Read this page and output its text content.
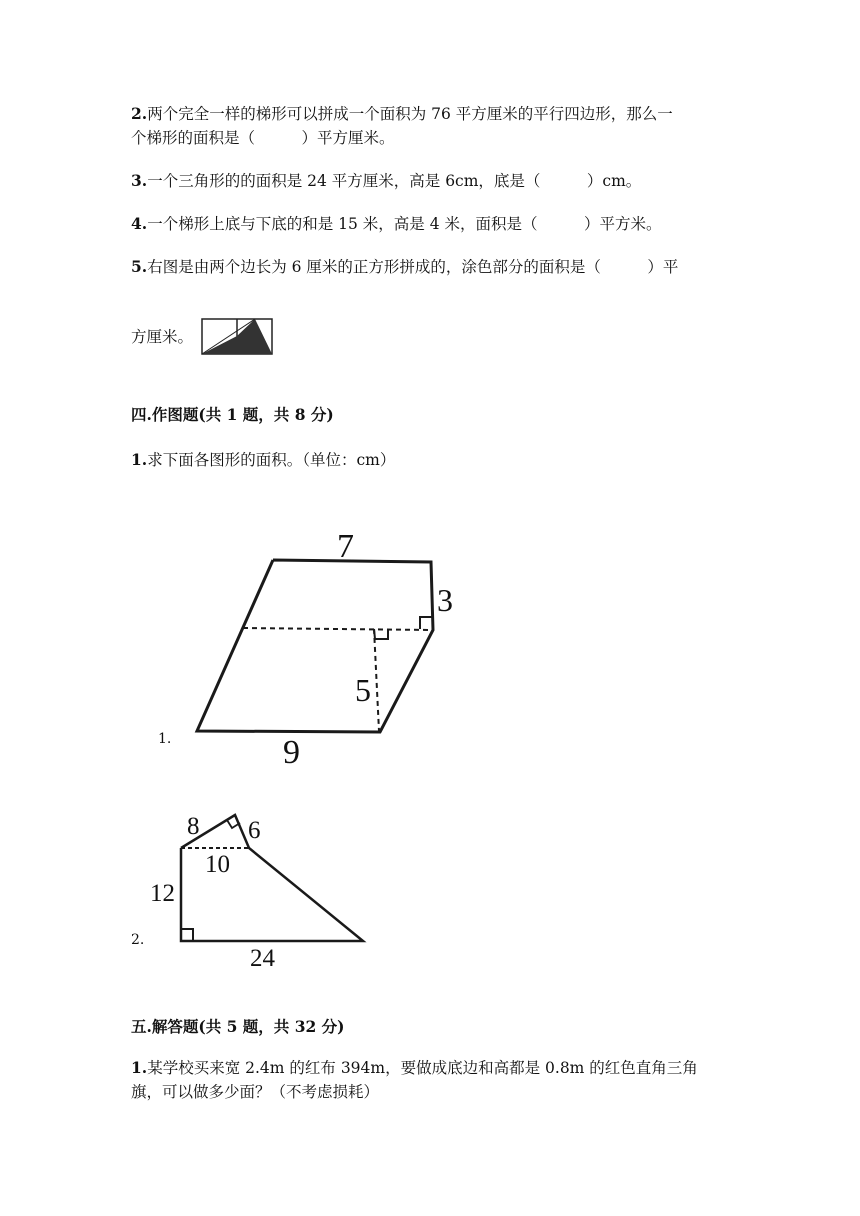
2.两个完全一样的梯形可以拼成一个面积为 76 平方厘米的平行四边形，那么一
个梯形的面积是（　　　）平方厘米。
3.一个三角形的的面积是 24 平方厘米，高是 6cm，底是（　　　）cm。
4.一个梯形上底与下底的和是 15 米，高是 4 米，面积是（　　　）平方米。
5.右图是由两个边长为 6 厘米的正方形拼成的，涂色部分的面积是（　　　）平
方厘米。
四.作图题(共 1 题，共 8 分)
1.求下面各图形的面积。（单位：cm）
1.
7
3
5
9
2.
8 6
10
12
24
五.解答题(共 5 题，共 32 分)
1.某学校买来宽 2.4m 的红布 394m，要做成底边和高都是 0.8m 的红色直角三角
旗，可以做多少面？（不考虑损耗）
